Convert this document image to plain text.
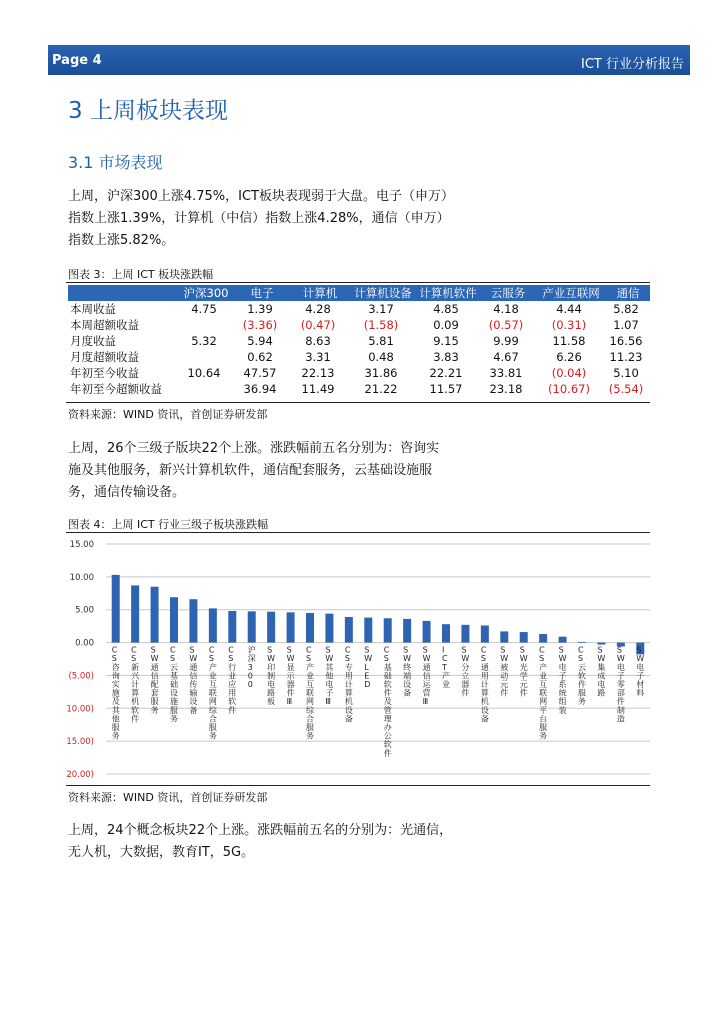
Page 4	ICT 行业分析报告
3 上周板块表现
3.1 市场表现
上周，沪深300上涨4.75%，ICT板块表现弱于大盘。电子（申万）
指数上涨1.39%，计算机（中信）指数上涨4.28%，通信（申万）
指数上涨5.82%。
图表 3：上周 ICT 板块涨跌幅
	沪深300	电子	计算机	计算机设备	计算机软件	云服务	产业互联网	通信
本周收益	4.75	1.39	4.28	3.17	4.85	4.18	4.44	5.82
本周超额收益		(3.36)	(0.47)	(1.58)	0.09	(0.57)	(0.31)	1.07
月度收益	5.32	5.94	8.63	5.81	9.15	9.99	11.58	16.56
月度超额收益		0.62	3.31	0.48	3.83	4.67	6.26	11.23
年初至今收益	10.64	47.57	22.13	31.86	22.21	33.81	(0.04)	5.10
年初至今超额收益		36.94	11.49	21.22	11.57	23.18	(10.67)	(5.54)
资料来源：WIND 资讯，首创证券研发部
上周，26个三级子版块22个上涨。涨跌幅前五名分别为：咨询实
施及其他服务，新兴计算机软件，通信配套服务，云基础设施服
务，通信传输设备。
图表 4：上周 ICT 行业三级子板块涨跌幅
15.00
10.00
5.00
0.00
(5.00)
(10.00)
(15.00)
(20.00)
C S 咨询实施及其他服务
C S 新兴计算机软件
S W 通信配套服务
C S 云基础设施服务
S W 通信传输设备
C S 产业互联网综合服务
C S 行业应用软件
沪深 3 0 0
S W 印制电路板
S W 显示器件 Ⅲ
C S 产业互联网综合服务
S W 其他电子 Ⅲ
C S 专用计算机设备
S W L E D
C S 基础软件及管理办公软件
S W 终端设备
S W 通信运营 Ⅲ
I C T 产业
S W 分立器件
C S 通用计算机设备
S W 被动元件
S W 光学元件
C S 产业互联网平台服务
S W 电子系统组装
C S 云软件服务
S W 集成电路
S W 电子零部件制造
S W 电子材料
资料来源：WIND 资讯，首创证券研发部
上周，24个概念板块22个上涨。涨跌幅前五名的分别为：光通信，
无人机，大数据，教育IT，5G。
